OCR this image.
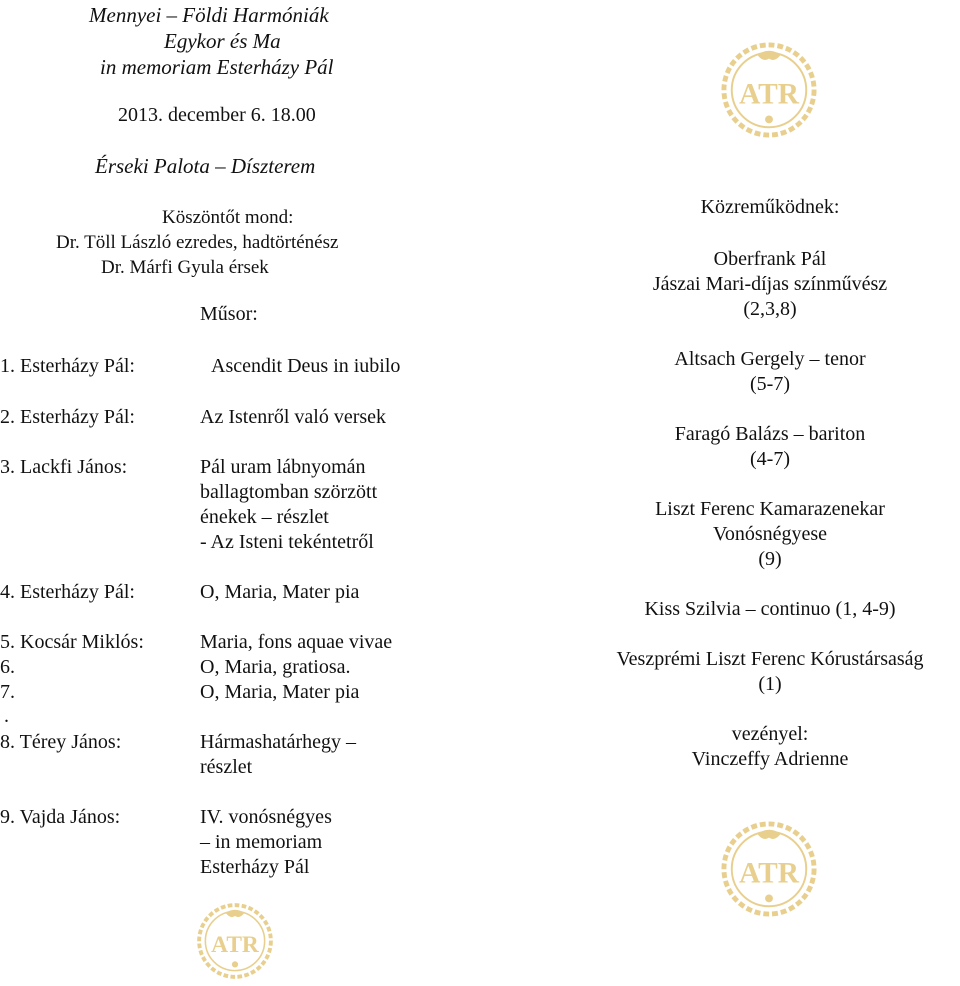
Mennyei – Földi Harmóniák
Egykor és Ma
in memoriam Esterházy Pál
2013. december 6. 18.00
Érseki Palota – Díszterem
Köszöntőt mond:
Dr. Töll László ezredes, hadtörténész
Dr. Márfi Gyula érsek
Műsor:
1. Esterházy Pál:	Ascendit Deus in iubilo
2. Esterházy Pál:	Az Istenről való versek
3. Lackfi János:	Pál uram lábnyomán
ballagtomban szörzött
énekek – részlet
- Az Isteni tekéntetről
4. Esterházy Pál:	O, Maria, Mater pia
5. Kocsár Miklós:	Maria, fons aquae vivae
6.	O, Maria, gratiosa.
7.	O, Maria, Mater pia
.
8. Térey János:	Hármashatárhegy –
részlet
9. Vajda János:	IV. vonósnégyes
– in memoriam
Esterházy Pál
Közreműködnek:
Oberfrank Pál
Jászai Mari-díjas színművész
(2,3,8)
Altsach Gergely – tenor
(5-7)
Faragó Balázs – bariton
(4-7)
Liszt Ferenc Kamarazenekar
Vonósnégyese
(9)
Kiss Szilvia – continuo (1, 4-9)
Veszprémi Liszt Ferenc Kórustársaság
(1)
vezényel:
Vinczeffy Adrienne
ATR
ATR
ATR
